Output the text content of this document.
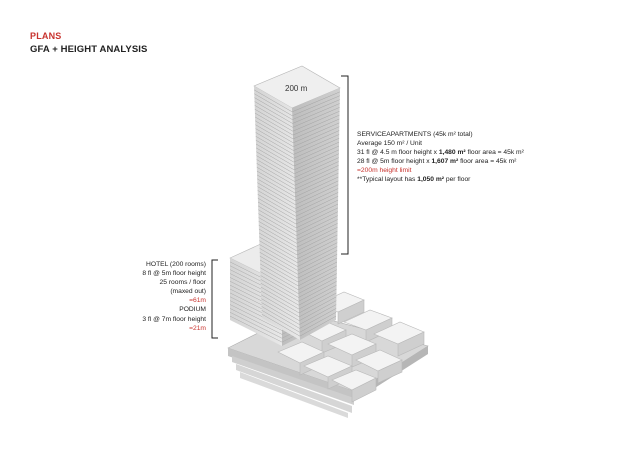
PLANS
GFA + HEIGHT ANALYSIS
200 m
SERVICEAPARTMENTS (45k m² total)
Average 150 m² / Unit
31 fl @ 4.5 m floor height x 1,480 m² floor area = 45k m²
28 fl @ 5m floor height x 1,607 m² floor area = 45k m²
=200m height limit
**Typical layout has 1,050 m² per floor
HOTEL (200 rooms)
8 fl @ 5m floor height
25 rooms / floor
(maxed out)
=61m
PODIUM
3 fl @ 7m floor height
=21m
